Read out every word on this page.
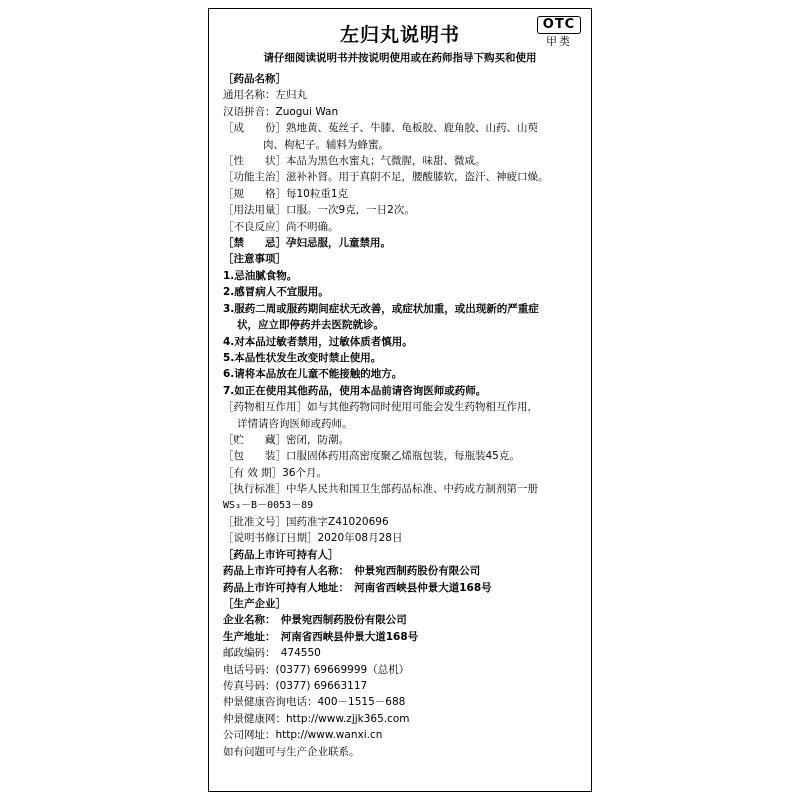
OTC
甲类
左归丸说明书
请仔细阅读说明书并按说明使用或在药师指导下购买和使用
［药品名称］
通用名称：左归丸
汉语拼音：Zuogui Wan
［成　　份］熟地黄、菟丝子、牛膝、龟板胶、鹿角胶、山药、山萸
肉、枸杞子。辅料为蜂蜜。
［性　　状］本品为黑色水蜜丸；气微腥，味甜、微咸。
［功能主治］滋补补肾。用于真阴不足，腰酸膝软，盗汗、神疲口燥。
［规　　格］每10粒重1克
［用法用量］口服。一次9克，一日2次。
［不良反应］尚不明确。
［禁　　忌］孕妇忌服，儿童禁用。
［注意事项］
1.忌油腻食物。
2.感冒病人不宜服用。
3.服药二周或服药期间症状无改善，或症状加重，或出现新的严重症
状，应立即停药并去医院就诊。
4.对本品过敏者禁用，过敏体质者慎用。
5.本品性状发生改变时禁止使用。
6.请将本品放在儿童不能接触的地方。
7.如正在使用其他药品，使用本品前请咨询医师或药师。
［药物相互作用］如与其他药物同时使用可能会发生药物相互作用，
详情请咨询医师或药师。
［贮　　藏］密闭，防潮。
［包　　装］口服固体药用高密度聚乙烯瓶包装，每瓶装45克。
［有 效 期］36个月。
［执行标准］中华人民共和国卫生部药品标准、中药成方制剂第一册
WS₃－B－0053－89
［批准文号］国药准字Z41020696
［说明书修订日期］2020年08月28日
［药品上市许可持有人］
药品上市许可持有人名称：　仲景宛西制药股份有限公司
药品上市许可持有人地址：　河南省西峡县仲景大道168号
［生产企业］
企业名称：　仲景宛西制药股份有限公司
生产地址：　河南省西峡县仲景大道168号
邮政编码：　474550
电话号码：(0377) 69669999（总机）
传真号码：(0377) 69663117
仲景健康咨询电话：400－1515－688
仲景健康网：http://www.zjjk365.com
公司网址：http://www.wanxi.cn
如有问题可与生产企业联系。
